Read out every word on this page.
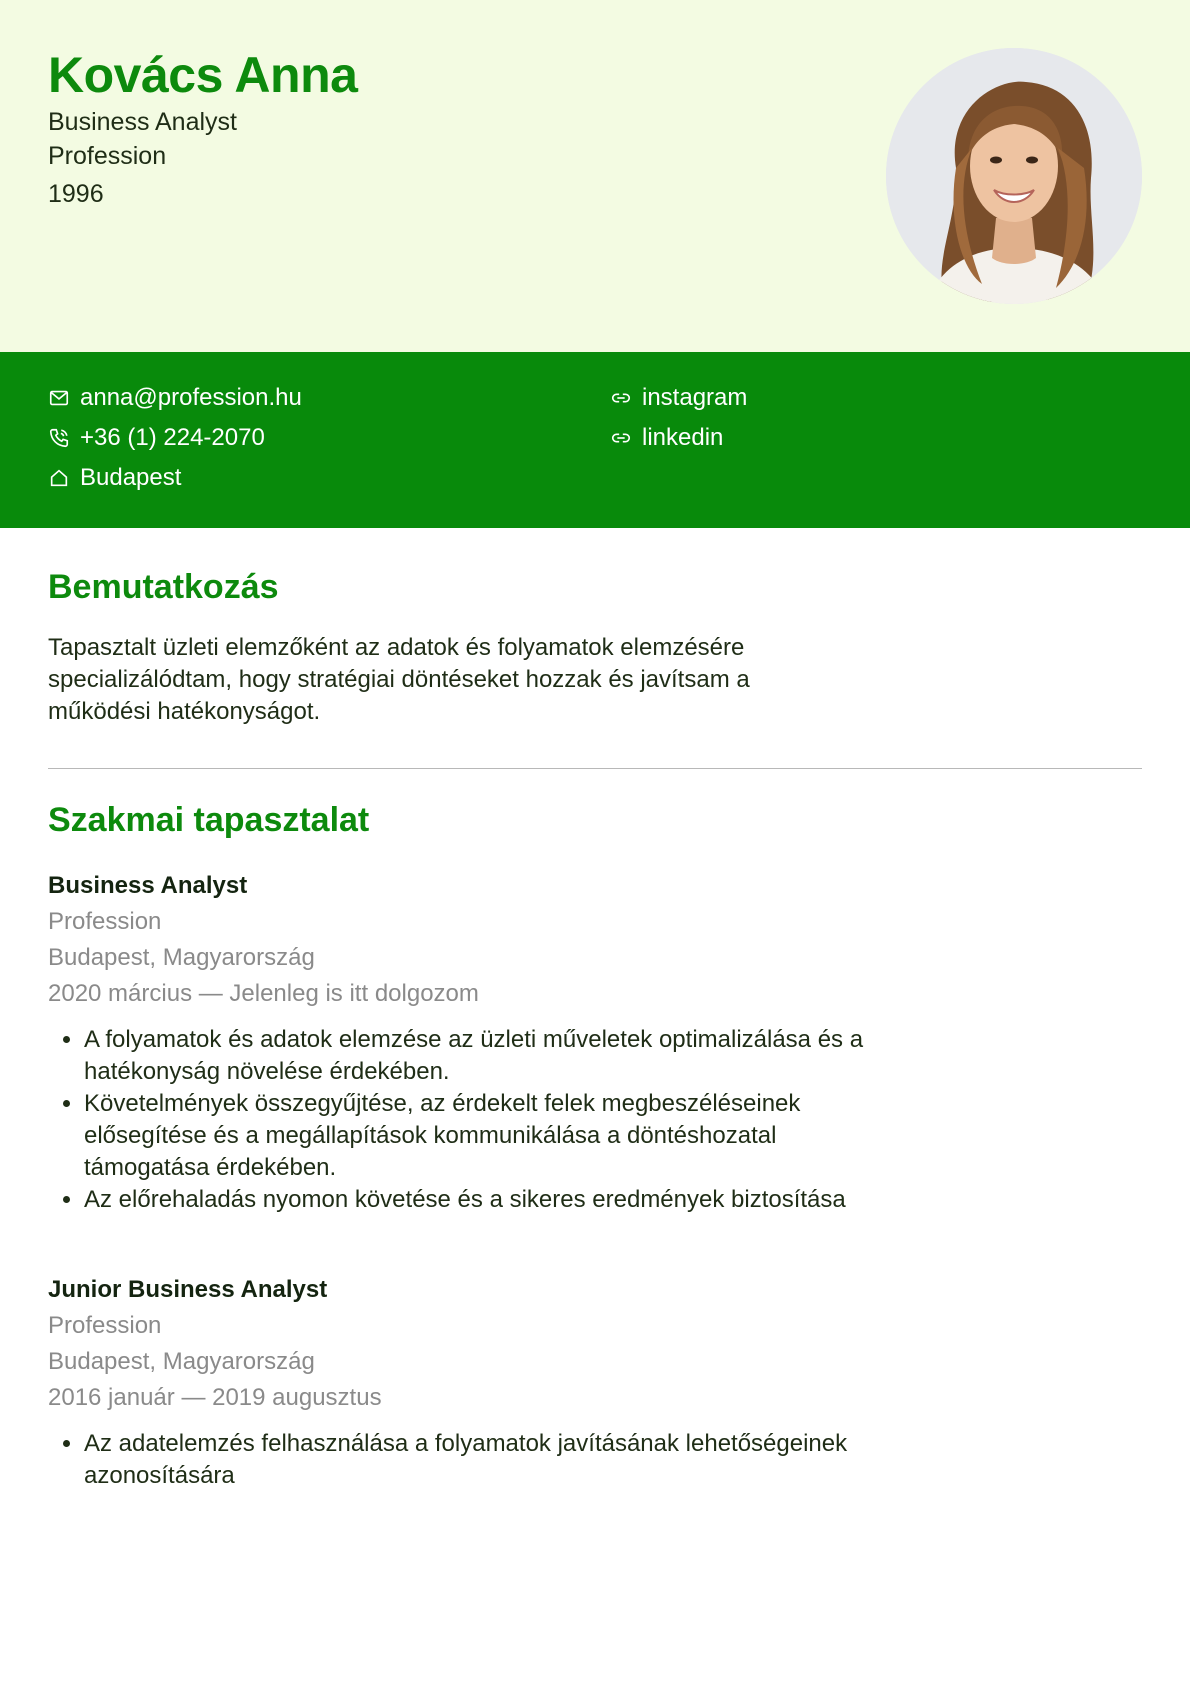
Kovács Anna
Business Analyst
Profession
1996
anna@profession.hu
+36 (1) 224-2070
Budapest
instagram
linkedin
Bemutatkozás

Tapasztalt üzleti elemzőként az adatok és folyamatok elemzésére specializálódtam, hogy stratégiai döntéseket hozzak és javítsam a működési hatékonyságot.

Szakmai tapasztalat
Business Analyst
Profession
Budapest, Magyarország
2020 március — Jelenleg is itt dolgozom
• A folyamatok és adatok elemzése az üzleti műveletek optimalizálása és a hatékonyság növelése érdekében.
• Követelmények összegyűjtése, az érdekelt felek megbeszéléseinek elősegítése és a megállapítások kommunikálása a döntéshozatal támogatása érdekében.
• Az előrehaladás nyomon követése és a sikeres eredmények biztosítása
Junior Business Analyst
Profession
Budapest, Magyarország
2016 január — 2019 augusztus
• Az adatelemzés felhasználása a folyamatok javításának lehetőségeinek azonosítására
